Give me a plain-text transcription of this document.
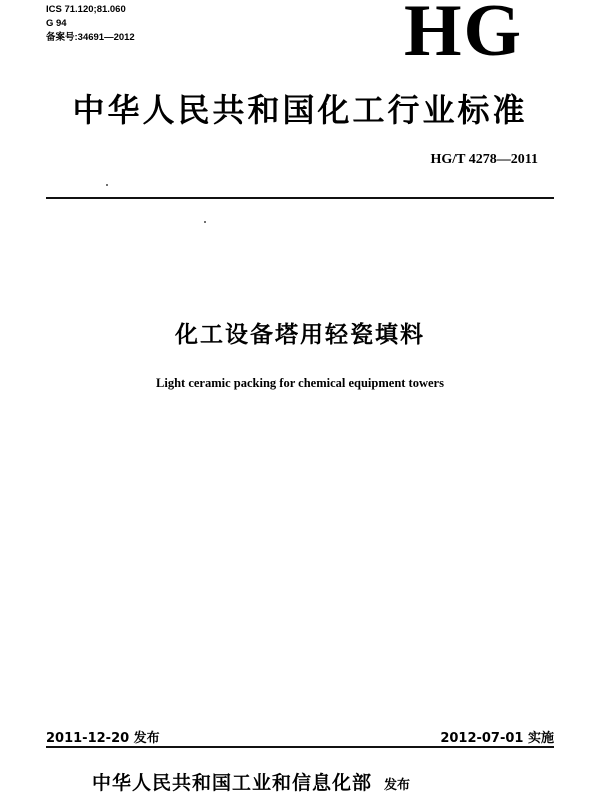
ICS 71.120;81.060
G 94
备案号:34691—2012	HG
中华人民共和国化工行业标准
HG/T 4278—2011
化工设备塔用轻瓷填料
Light ceramic packing for chemical equipment towers
2011-12-20 发布	2012-07-01 实施
中华人民共和国工业和信息化部 发布
